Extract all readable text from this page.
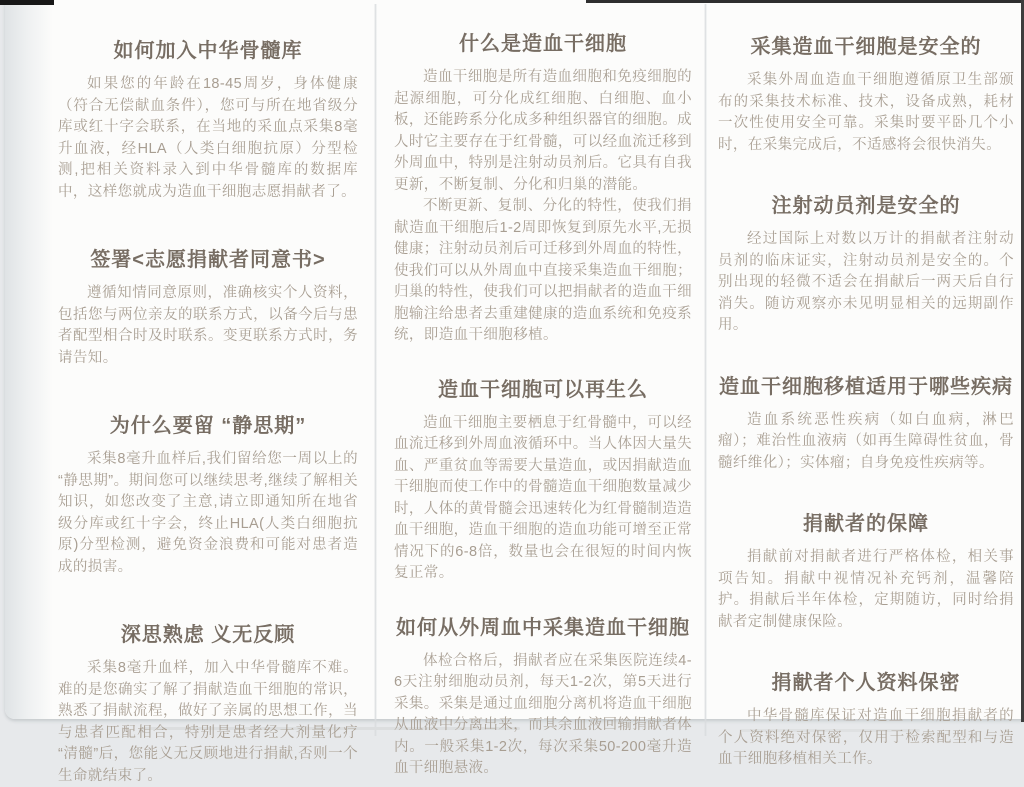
如何加入中华骨髓库

如果您的年龄在18-45周岁，身体健康（符合无偿献血条件），您可与所在地省级分库或红十字会联系，在当地的采血点采集8毫升血液，经HLA（人类白细胞抗原）分型检测,把相关资料录入到中华骨髓库的数据库中，这样您就成为造血干细胞志愿捐献者了。

签署<志愿捐献者同意书>

遵循知情同意原则，准确核实个人资料，包括您与两位亲友的联系方式，以备今后与患者配型相合时及时联系。变更联系方式时，务请告知。

为什么要留 “静思期”

采集8毫升血样后,我们留给您一周以上的“静思期”。期间您可以继续思考,继续了解相关知识，如您改变了主意,请立即通知所在地省级分库或红十字会，终止HLA(人类白细胞抗原)分型检测，避免资金浪费和可能对患者造成的损害。

深思熟虑 义无反顾

采集8毫升血样，加入中华骨髓库不难。难的是您确实了解了捐献造血干细胞的常识，熟悉了捐献流程，做好了亲属的思想工作，当与患者匹配相合，特别是患者经大剂量化疗“清髓”后，您能义无反顾地进行捐献,否则一个生命就结束了。

什么是造血干细胞

造血干细胞是所有造血细胞和免疫细胞的起源细胞，可分化成红细胞、白细胞、血小板，还能跨系分化成多种组织器官的细胞。成人时它主要存在于红骨髓，可以经血流迁移到外周血中，特别是注射动员剂后。它具有自我更新，不断复制、分化和归巢的潜能。

不断更新、复制、分化的特性，使我们捐献造血干细胞后1-2周即恢复到原先水平,无损健康；注射动员剂后可迁移到外周血的特性，使我们可以从外周血中直接采集造血干细胞；归巢的特性，使我们可以把捐献者的造血干细胞输注给患者去重建健康的造血系统和免疫系统，即造血干细胞移植。

造血干细胞可以再生么

造血干细胞主要栖息于红骨髓中，可以经血流迁移到外周血液循环中。当人体因大量失血、严重贫血等需要大量造血，或因捐献造血干细胞而使工作中的骨髓造血干细胞数量减少时，人体的黄骨髓会迅速转化为红骨髓制造造血干细胞，造血干细胞的造血功能可增至正常情况下的6-8倍，数量也会在很短的时间内恢复正常。

如何从外周血中采集造血干细胞

体检合格后，捐献者应在采集医院连续4-6天注射细胞动员剂，每天1-2次，第5天进行采集。采集是通过血细胞分离机将造血干细胞从血液中分离出来，而其余血液回输捐献者体内。一般采集1-2次，每次采集50-200毫升造血干细胞悬液。

采集造血干细胞是安全的

采集外周血造血干细胞遵循原卫生部颁布的采集技术标准、技术，设备成熟，耗材一次性使用安全可靠。采集时要平卧几个小时，在采集完成后，不适感将会很快消失。

注射动员剂是安全的

经过国际上对数以万计的捐献者注射动员剂的临床证实，注射动员剂是安全的。个别出现的轻微不适会在捐献后一两天后自行消失。随访观察亦未见明显相关的远期副作用。

造血干细胞移植适用于哪些疾病

造血系统恶性疾病（如白血病，淋巴瘤）；难治性血液病（如再生障碍性贫血，骨髓纤维化）；实体瘤；自身免疫性疾病等。

捐献者的保障

捐献前对捐献者进行严格体检，相关事项告知。捐献中视情况补充钙剂，温馨陪护。捐献后半年体检，定期随访，同时给捐献者定制健康保险。

捐献者个人资料保密

中华骨髓库保证对造血干细胞捐献者的个人资料绝对保密，仅用于检索配型和与造血干细胞移植相关工作。
